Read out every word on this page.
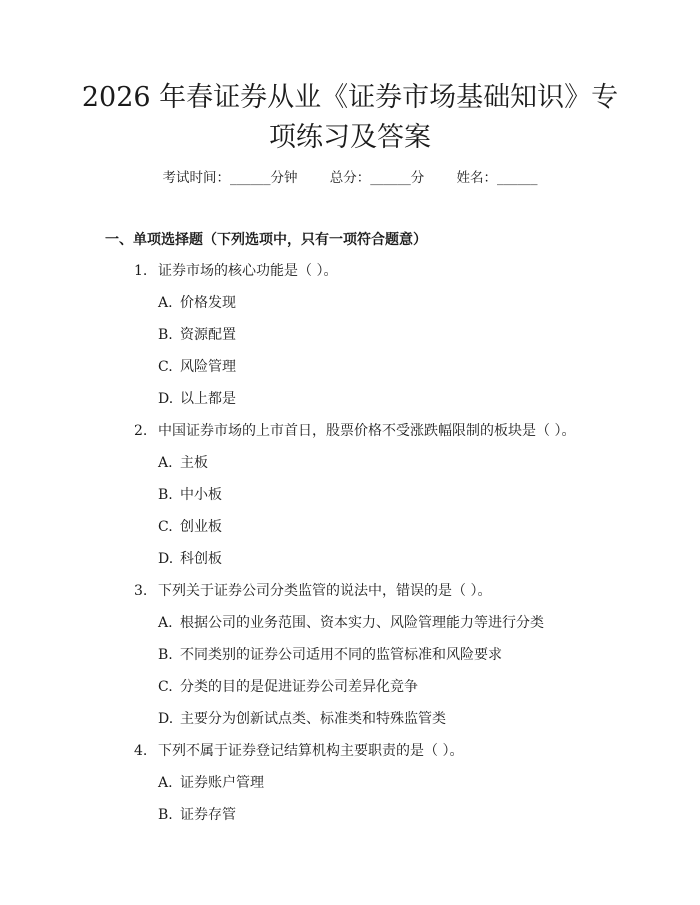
2026 年春证券从业《证券市场基础知识》专
项练习及答案
考试时间：______分钟 总分：______分 姓名：______
一、单项选择题（下列选项中，只有一项符合题意）
1. 证券市场的核心功能是（ ）。
A. 价格发现
B. 资源配置
C. 风险管理
D. 以上都是
2. 中国证券市场的上市首日，股票价格不受涨跌幅限制的板块是（ ）。
A. 主板
B. 中小板
C. 创业板
D. 科创板
3. 下列关于证券公司分类监管的说法中，错误的是（ ）。
A. 根据公司的业务范围、资本实力、风险管理能力等进行分类
B. 不同类别的证券公司适用不同的监管标准和风险要求
C. 分类的目的是促进证券公司差异化竞争
D. 主要分为创新试点类、标准类和特殊监管类
4. 下列不属于证券登记结算机构主要职责的是（ ）。
A. 证券账户管理
B. 证券存管
